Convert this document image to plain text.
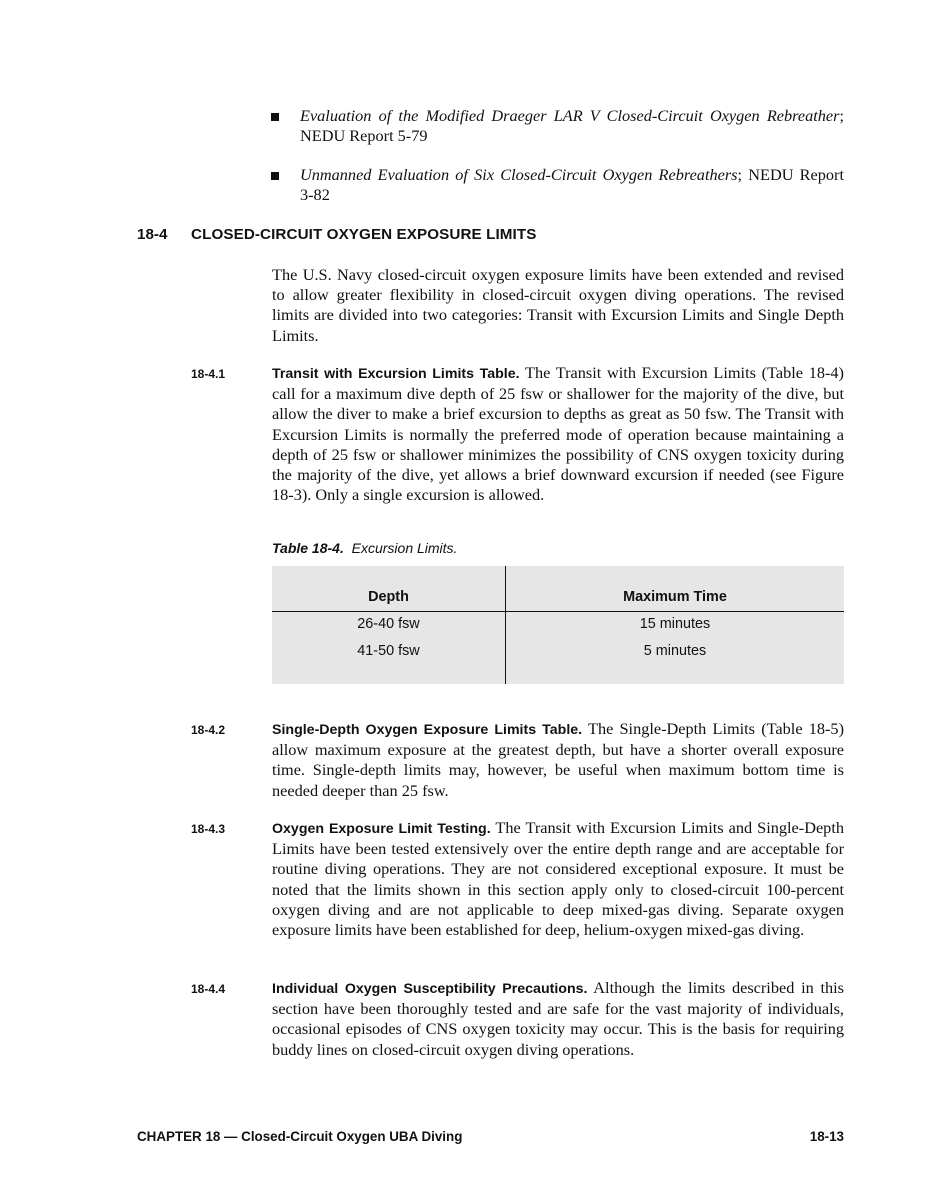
Evaluation of the Modified Draeger LAR V Closed-Circuit Oxygen Rebreather; NEDU Report 5-79
Unmanned Evaluation of Six Closed-Circuit Oxygen Rebreathers; NEDU Report 3-82
18-4 CLOSED-CIRCUIT OXYGEN EXPOSURE LIMITS
The U.S. Navy closed-circuit oxygen exposure limits have been extended and revised to allow greater flexibility in closed-circuit oxygen diving operations. The revised limits are divided into two categories: Transit with Excursion Limits and Single Depth Limits.
18-4.1	Transit with Excursion Limits Table. The Transit with Excursion Limits (Table 18-4) call for a maximum dive depth of 25 fsw or shallower for the majority of the dive, but allow the diver to make a brief excursion to depths as great as 50 fsw. The Transit with Excursion Limits is normally the preferred mode of operation because maintaining a depth of 25 fsw or shallower minimizes the possibility of CNS oxygen toxicity during the majority of the dive, yet allows a brief downward excursion if needed (see Figure 18-3). Only a single excursion is allowed.
Table 18-4. Excursion Limits.
Depth	Maximum Time
26-40 fsw	15 minutes
41-50 fsw	5 minutes
18-4.2	Single-Depth Oxygen Exposure Limits Table. The Single-Depth Limits (Table 18-5) allow maximum exposure at the greatest depth, but have a shorter overall exposure time. Single-depth limits may, however, be useful when maximum bottom time is needed deeper than 25 fsw.
18-4.3	Oxygen Exposure Limit Testing. The Transit with Excursion Limits and Single-Depth Limits have been tested extensively over the entire depth range and are acceptable for routine diving operations. They are not considered exceptional exposure. It must be noted that the limits shown in this section apply only to closed-circuit 100-percent oxygen diving and are not applicable to deep mixed-gas diving. Separate oxygen exposure limits have been established for deep, helium-oxygen mixed-gas diving.
18-4.4	Individual Oxygen Susceptibility Precautions. Although the limits described in this section have been thoroughly tested and are safe for the vast majority of individuals, occasional episodes of CNS oxygen toxicity may occur. This is the basis for requiring buddy lines on closed-circuit oxygen diving operations.
CHAPTER 18 — Closed-Circuit Oxygen UBA Diving	18-13
